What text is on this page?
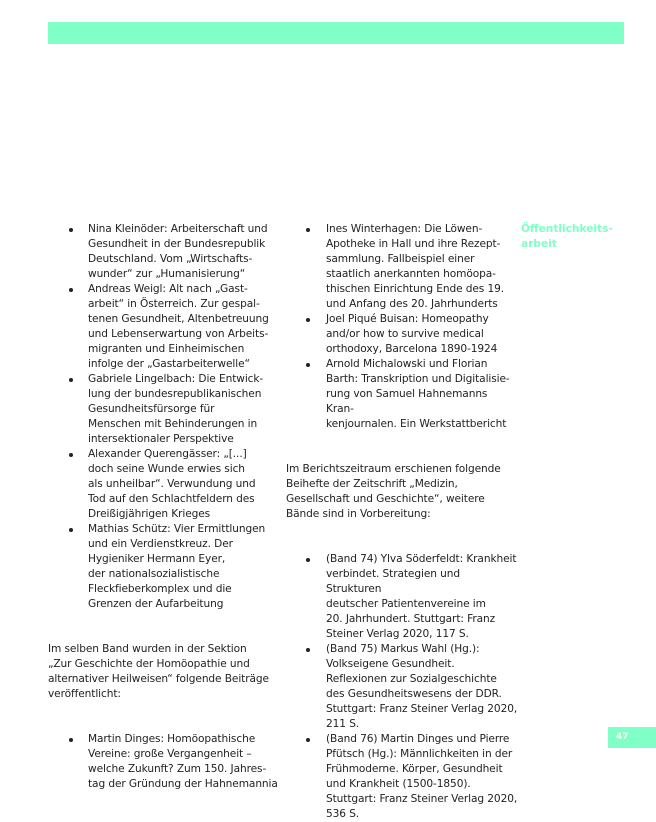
Nina Kleinöder: Arbeiterschaft und
Gesundheit in der Bundesrepublik
Deutschland. Vom „Wirtschafts-
wunder“ zur „Humanisierung“
Andreas Weigl: Alt nach „Gast-
arbeit“ in Österreich. Zur gespal-
tenen Gesundheit, Altenbetreuung
und Lebenserwartung von Arbeits-
migranten und Einheimischen
infolge der „Gastarbeiterwelle“
Gabriele Lingelbach: Die Entwick-
lung der bundesrepublikanischen
Gesundheitsfürsorge für
Menschen mit Behinderungen in
intersektionaler Perspektive
Alexander Querengässer: „[...]
doch seine Wunde erwies sich
als unheilbar“. Verwundung und
Tod auf den Schlachtfeldern des
Dreißigjährigen Krieges
Mathias Schütz: Vier Ermittlungen
und ein Verdienstkreuz. Der
Hygieniker Hermann Eyer,
der nationalsozialistische
Fleckfieberkomplex und die
Grenzen der Aufarbeitung

Im selben Band wurden in der Sektion
„Zur Geschichte der Homöopathie und
alternativer Heilweisen“ folgende Beiträge
veröffentlicht:

Martin Dinges: Homöopathische
Vereine: große Vergangenheit –
welche Zukunft? Zum 150. Jahres-
tag der Gründung der Hahnemannia
Ines Winterhagen: Die Löwen-
Apotheke in Hall und ihre Rezept-
sammlung. Fallbeispiel einer
staatlich anerkannten homöopa-
thischen Einrichtung Ende des 19.
und Anfang des 20. Jahrhunderts
Joel Piqué Buisan: Homeopathy
and/or how to survive medical
orthodoxy, Barcelona 1890-1924
Arnold Michalowski und Florian
Barth: Transkription und Digitalisie-
rung von Samuel Hahnemanns Kran-
kenjournalen. Ein Werkstattbericht

Im Berichtszeitraum erschienen folgende
Beihefte der Zeitschrift „Medizin,
Gesellschaft und Geschichte“, weitere
Bände sind in Vorbereitung:

(Band 74) Ylva Söderfeldt: Krankheit
verbindet. Strategien und Strukturen
deutscher Patientenvereine im
20. Jahrhundert. Stuttgart: Franz
Steiner Verlag 2020, 117 S.
(Band 75) Markus Wahl (Hg.):
Volkseigene Gesundheit.
Reflexionen zur Sozialgeschichte
des Gesundheitswesens der DDR.
Stuttgart: Franz Steiner Verlag 2020,
211 S.
(Band 76) Martin Dinges und Pierre
Pfütsch (Hg.): Männlichkeiten in der
Frühmoderne. Körper, Gesundheit
und Krankheit (1500-1850).
Stuttgart: Franz Steiner Verlag 2020,
536 S.
Öffentlichkeits-
arbeit
47
